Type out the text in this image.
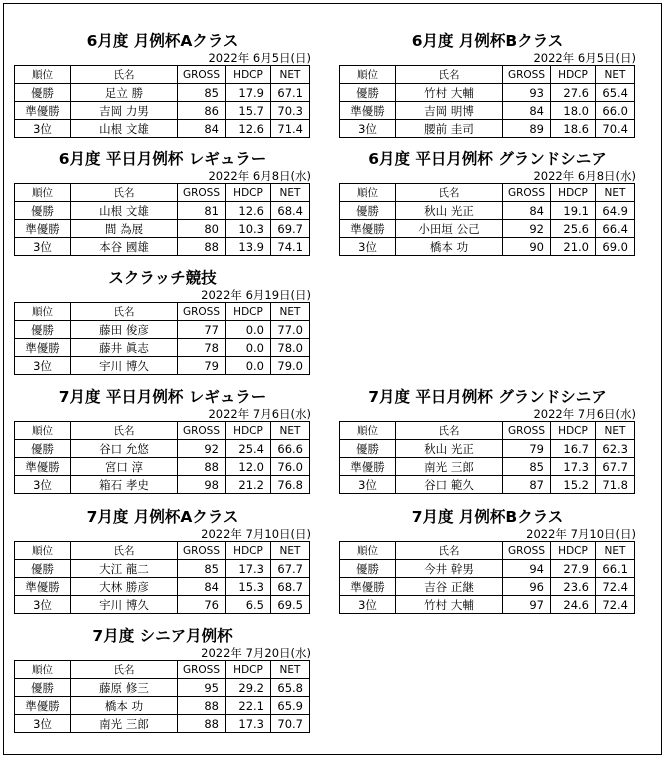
6月度 月例杯Aクラス
2022年 6月5日(日)
順位	氏名	GROSS	HDCP	NET
優勝	足立 勝	85	17.9	67.1
準優勝	吉岡 力男	86	15.7	70.3
3位	山根 文雄	84	12.6	71.4
6月度 月例杯Bクラス
2022年 6月5日(日)
順位	氏名	GROSS	HDCP	NET
優勝	竹村 大輔	93	27.6	65.4
準優勝	吉岡 明博	84	18.0	66.0
3位	腰前 圭司	89	18.6	70.4
6月度 平日月例杯 レギュラー
2022年 6月8日(水)
順位	氏名	GROSS	HDCP	NET
優勝	山根 文雄	81	12.6	68.4
準優勝	間 為展	80	10.3	69.7
3位	本谷 國雄	88	13.9	74.1
6月度 平日月例杯 グランドシニア
2022年 6月8日(水)
順位	氏名	GROSS	HDCP	NET
優勝	秋山 光正	84	19.1	64.9
準優勝	小田垣 公己	92	25.6	66.4
3位	橋本 功	90	21.0	69.0
スクラッチ競技
2022年 6月19日(日)
順位	氏名	GROSS	HDCP	NET
優勝	藤田 俊彦	77	0.0	77.0
準優勝	藤井 眞志	78	0.0	78.0
3位	宇川 博久	79	0.0	79.0
7月度 平日月例杯 レギュラー
2022年 7月6日(水)
順位	氏名	GROSS	HDCP	NET
優勝	谷口 允悠	92	25.4	66.6
準優勝	宮口 淳	88	12.0	76.0
3位	箱石 孝史	98	21.2	76.8
7月度 平日月例杯 グランドシニア
2022年 7月6日(水)
順位	氏名	GROSS	HDCP	NET
優勝	秋山 光正	79	16.7	62.3
準優勝	南光 三郎	85	17.3	67.7
3位	谷口 範久	87	15.2	71.8
7月度 月例杯Aクラス
2022年 7月10日(日)
順位	氏名	GROSS	HDCP	NET
優勝	大江 龍二	85	17.3	67.7
準優勝	大林 勝彦	84	15.3	68.7
3位	宇川 博久	76	6.5	69.5
7月度 月例杯Bクラス
2022年 7月10日(日)
順位	氏名	GROSS	HDCP	NET
優勝	今井 幹男	94	27.9	66.1
準優勝	吉谷 正継	96	23.6	72.4
3位	竹村 大輔	97	24.6	72.4
7月度 シニア月例杯
2022年 7月20日(水)
順位	氏名	GROSS	HDCP	NET
優勝	藤原 修三	95	29.2	65.8
準優勝	橋本 功	88	22.1	65.9
3位	南光 三郎	88	17.3	70.7
